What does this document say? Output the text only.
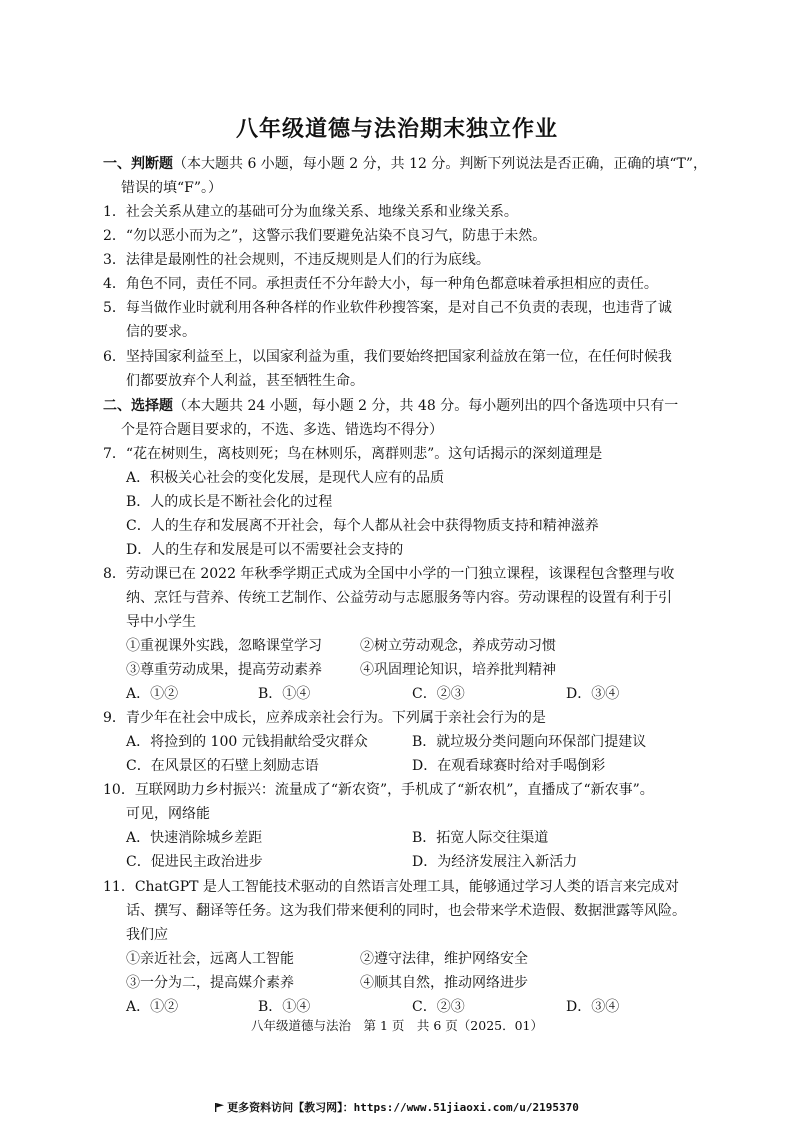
八年级道德与法治期末独立作业
一、判断题（本大题共 6 小题，每小题 2 分，共 12 分。判断下列说法是否正确，正确的填“T”，
错误的填“F”。）
1．社会关系从建立的基础可分为血缘关系、地缘关系和业缘关系。
2．“勿以恶小而为之”，这警示我们要避免沾染不良习气，防患于未然。
3．法律是最刚性的社会规则，不违反规则是人们的行为底线。
4．角色不同，责任不同。承担责任不分年龄大小，每一种角色都意味着承担相应的责任。
5．每当做作业时就利用各种各样的作业软件秒搜答案，是对自己不负责的表现，也违背了诚
信的要求。
6．坚持国家利益至上，以国家利益为重，我们要始终把国家利益放在第一位，在任何时候我
们都要放弃个人利益，甚至牺牲生命。
二、选择题（本大题共 24 小题，每小题 2 分，共 48 分。每小题列出的四个备选项中只有一
个是符合题目要求的，不选、多选、错选均不得分）
7．“花在树则生，离枝则死；鸟在林则乐，离群则悲”。这句话揭示的深刻道理是
A．积极关心社会的变化发展，是现代人应有的品质
B．人的成长是不断社会化的过程
C．人的生存和发展离不开社会，每个人都从社会中获得物质支持和精神滋养
D．人的生存和发展是可以不需要社会支持的
8．劳动课已在 2022 年秋季学期正式成为全国中小学的一门独立课程，该课程包含整理与收
纳、烹饪与营养、传统工艺制作、公益劳动与志愿服务等内容。劳动课程的设置有利于引
导中小学生
①重视课外实践，忽略课堂学习	②树立劳动观念，养成劳动习惯
③尊重劳动成果，提高劳动素养	④巩固理论知识，培养批判精神
A．①②	B．①④	C．②③	D．③④
9．青少年在社会中成长，应养成亲社会行为。下列属于亲社会行为的是
A．将捡到的 100 元钱捐献给受灾群众	B．就垃圾分类问题向环保部门提建议
C．在风景区的石壁上刻励志语	D．在观看球赛时给对手喝倒彩
10．互联网助力乡村振兴：流量成了“新农资”，手机成了“新农机”，直播成了“新农事”。
可见，网络能
A．快速消除城乡差距	B．拓宽人际交往渠道
C．促进民主政治进步	D．为经济发展注入新活力
11．ChatGPT 是人工智能技术驱动的自然语言处理工具，能够通过学习人类的语言来完成对
话、撰写、翻译等任务。这为我们带来便利的同时，也会带来学术造假、数据泄露等风险。
我们应
①亲近社会，远离人工智能	②遵守法律，维护网络安全
③一分为二，提高媒介素养	④顺其自然，推动网络进步
A．①②	B．①④	C．②③	D．③④
八年级道德与法治　第 1 页　共 6 页（2025．01）
更多资料访问【教习网】：https://www.51jiaoxi.com/u/2195370
